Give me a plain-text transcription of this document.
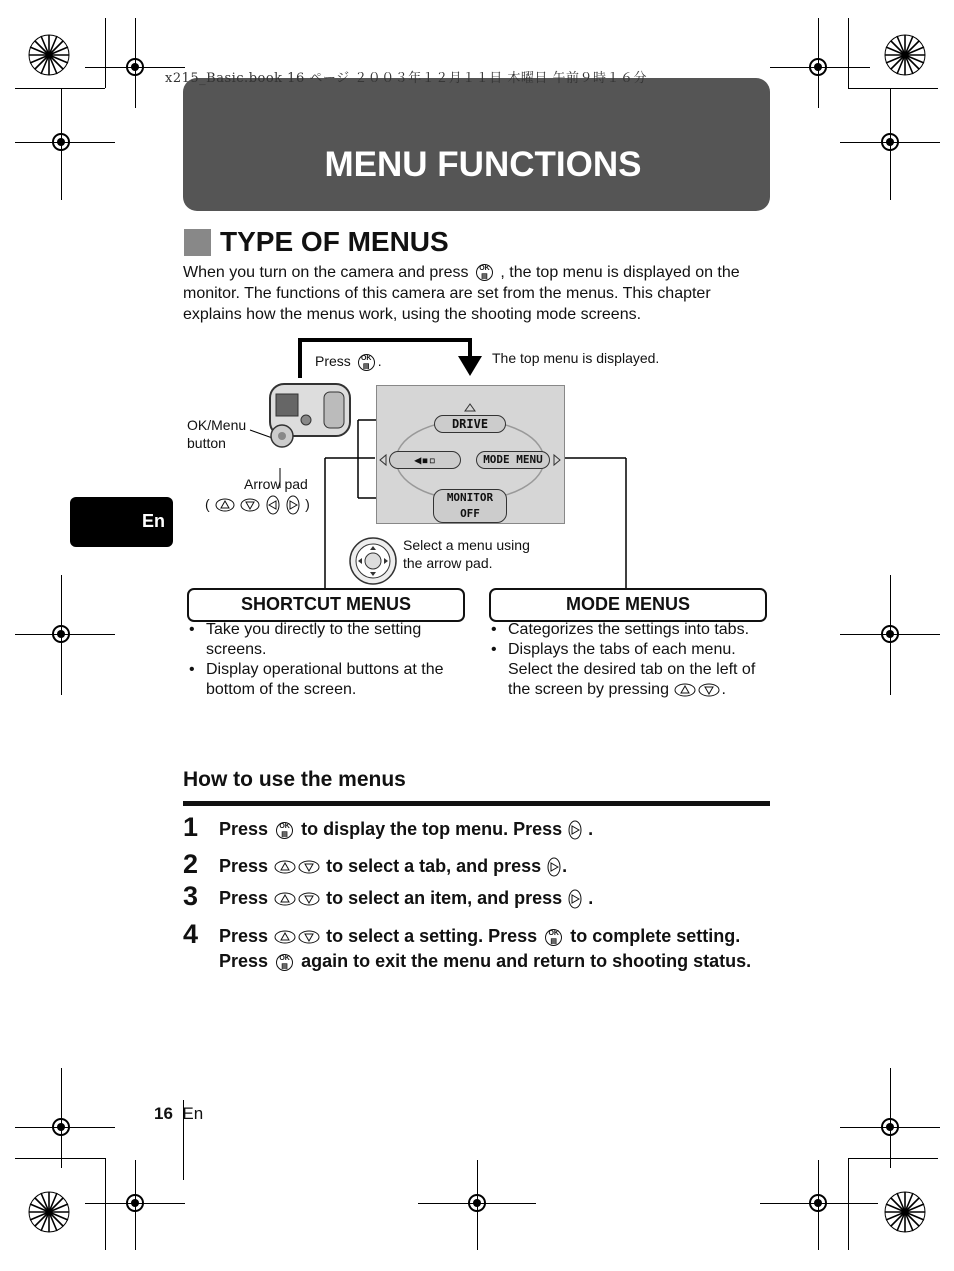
x215_Basic.book 16 ページ ２００３年１２月１１日 木曜日 午前９時１６分
MENU FUNCTIONS
TYPE OF MENUS
When you turn on the camera and press OK
▤ , the top menu is displayed on the monitor. The functions of this camera are set from the menus. This chapter explains how the menus work, using the shooting mode screens.
En
Press OK
▤ .	The top menu is displayed.
OK/Menu button
Arrow pad
(	)
DRIVE
◀▪▫	MODE MENU
MONITOR OFF
Select a menu using the arrow pad.
SHORTCUT MENUS
• Take you directly to the setting screens.
• Display operational buttons at the bottom of the screen.
MODE MENUS
• Categorizes the settings into tabs.
• Displays the tabs of each menu. Select the desired tab on the left of the screen by pressing	.
How to use the menus
1 Press OK
▤ to display the top menu. Press .
2 Press	to select a tab, and press .
3 Press	to select an item, and press .
4 Press	to select a setting. Press OK
▤ to complete setting.
Press OK
▤ again to exit the menu and return to shooting status.
16 En
